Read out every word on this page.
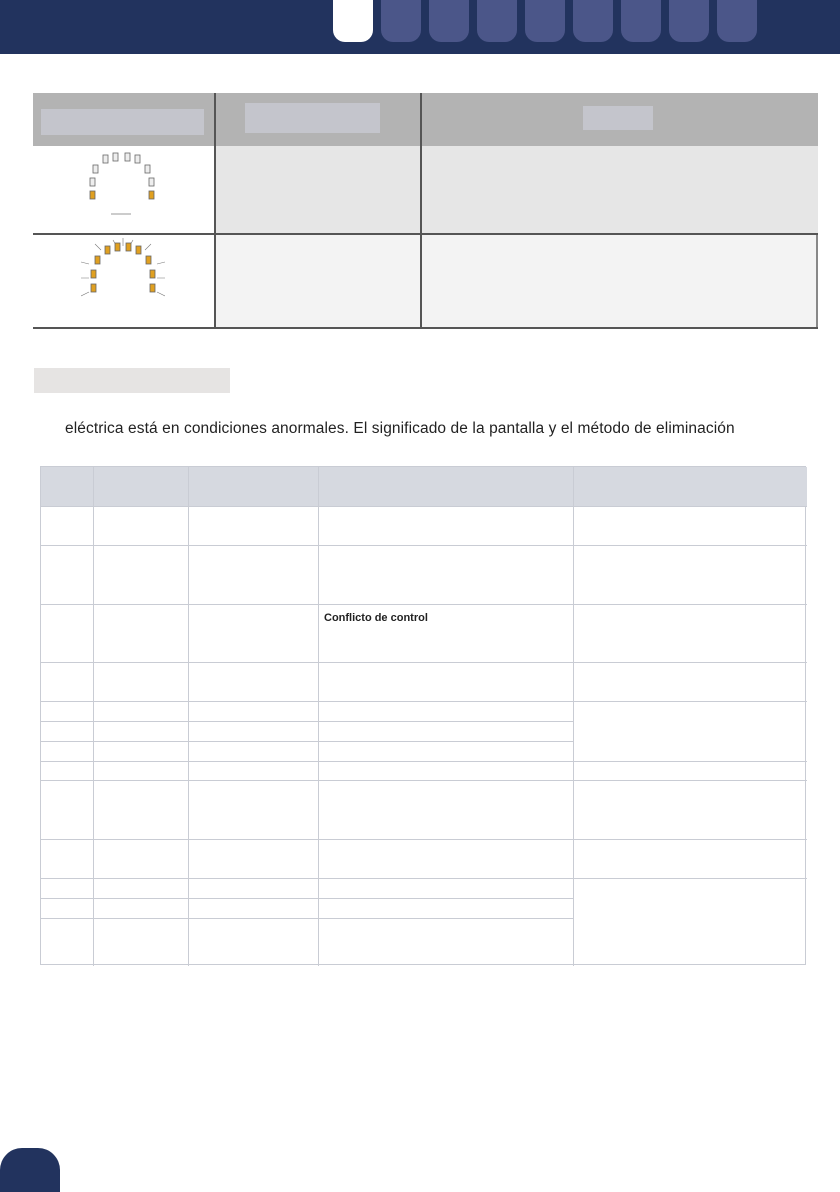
eléctrica está en condiciones anormales. El significado de la pantalla y el método de eliminación
Conflicto de control
